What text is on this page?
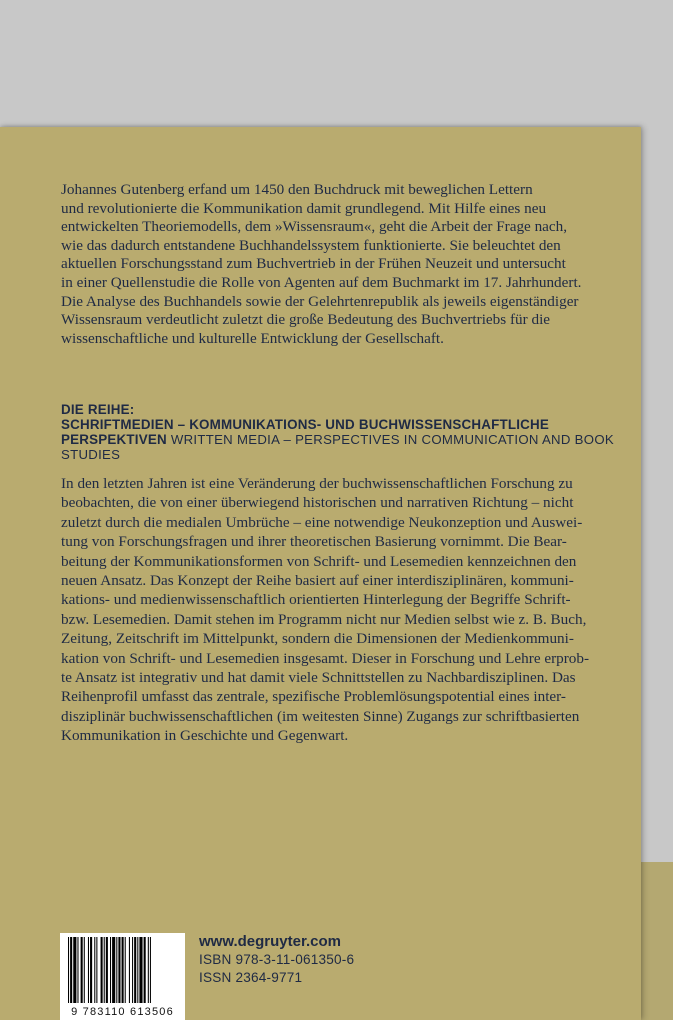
Johannes Gutenberg erfand um 1450 den Buchdruck mit beweglichen Lettern
und revolutionierte die Kommunikation damit grundlegend. Mit Hilfe eines neu
entwickelten Theoriemodells, dem »Wissensraum«, geht die Arbeit der Frage nach,
wie das dadurch entstandene Buchhandelssystem funktionierte. Sie beleuchtet den
aktuellen Forschungsstand zum Buchvertrieb in der Frühen Neuzeit und untersucht
in einer Quellenstudie die Rolle von Agenten auf dem Buchmarkt im 17. Jahrhundert.
Die Analyse des Buchhandels sowie der Gelehrtenrepublik als jeweils eigenständiger
Wissensraum verdeutlicht zuletzt die große Bedeutung des Buchvertriebs für die
wissenschaftliche und kulturelle Entwicklung der Gesellschaft.

DIE REIHE:
SCHRIFTMEDIEN – KOMMUNIKATIONS- UND BUCHWISSENSCHAFTLICHE PERSPEKTIVEN WRITTEN MEDIA – PERSPECTIVES IN COMMUNICATION AND BOOK STUDIES

In den letzten Jahren ist eine Veränderung der buchwissenschaftlichen Forschung zu
beobachten, die von einer überwiegend historischen und narrativen Richtung – nicht
zuletzt durch die medialen Umbrüche – eine notwendige Neukonzeption und Auswei-
tung von Forschungsfragen und ihrer theoretischen Basierung vornimmt. Die Bear-
beitung der Kommunikationsformen von Schrift- und Lesemedien kennzeichnen den
neuen Ansatz. Das Konzept der Reihe basiert auf einer interdisziplinären, kommuni-
kations- und medienwissenschaftlich orientierten Hinterlegung der Begriffe Schrift-
bzw. Lesemedien. Damit stehen im Programm nicht nur Medien selbst wie z. B. Buch,
Zeitung, Zeitschrift im Mittelpunkt, sondern die Dimensionen der Medienkommuni-
kation von Schrift- und Lesemedien insgesamt. Dieser in Forschung und Lehre erprob-
te Ansatz ist integrativ und hat damit viele Schnittstellen zu Nachbardisziplinen. Das
Reihenprofil umfasst das zentrale, spezifische Problemlösungspotential eines inter-
disziplinär buchwissenschaftlichen (im weitesten Sinne) Zugangs zur schriftbasierten
Kommunikation in Geschichte und Gegenwart.

9 783110 613506
www.degruyter.com
ISBN 978-3-11-061350-6
ISSN 2364-9771
